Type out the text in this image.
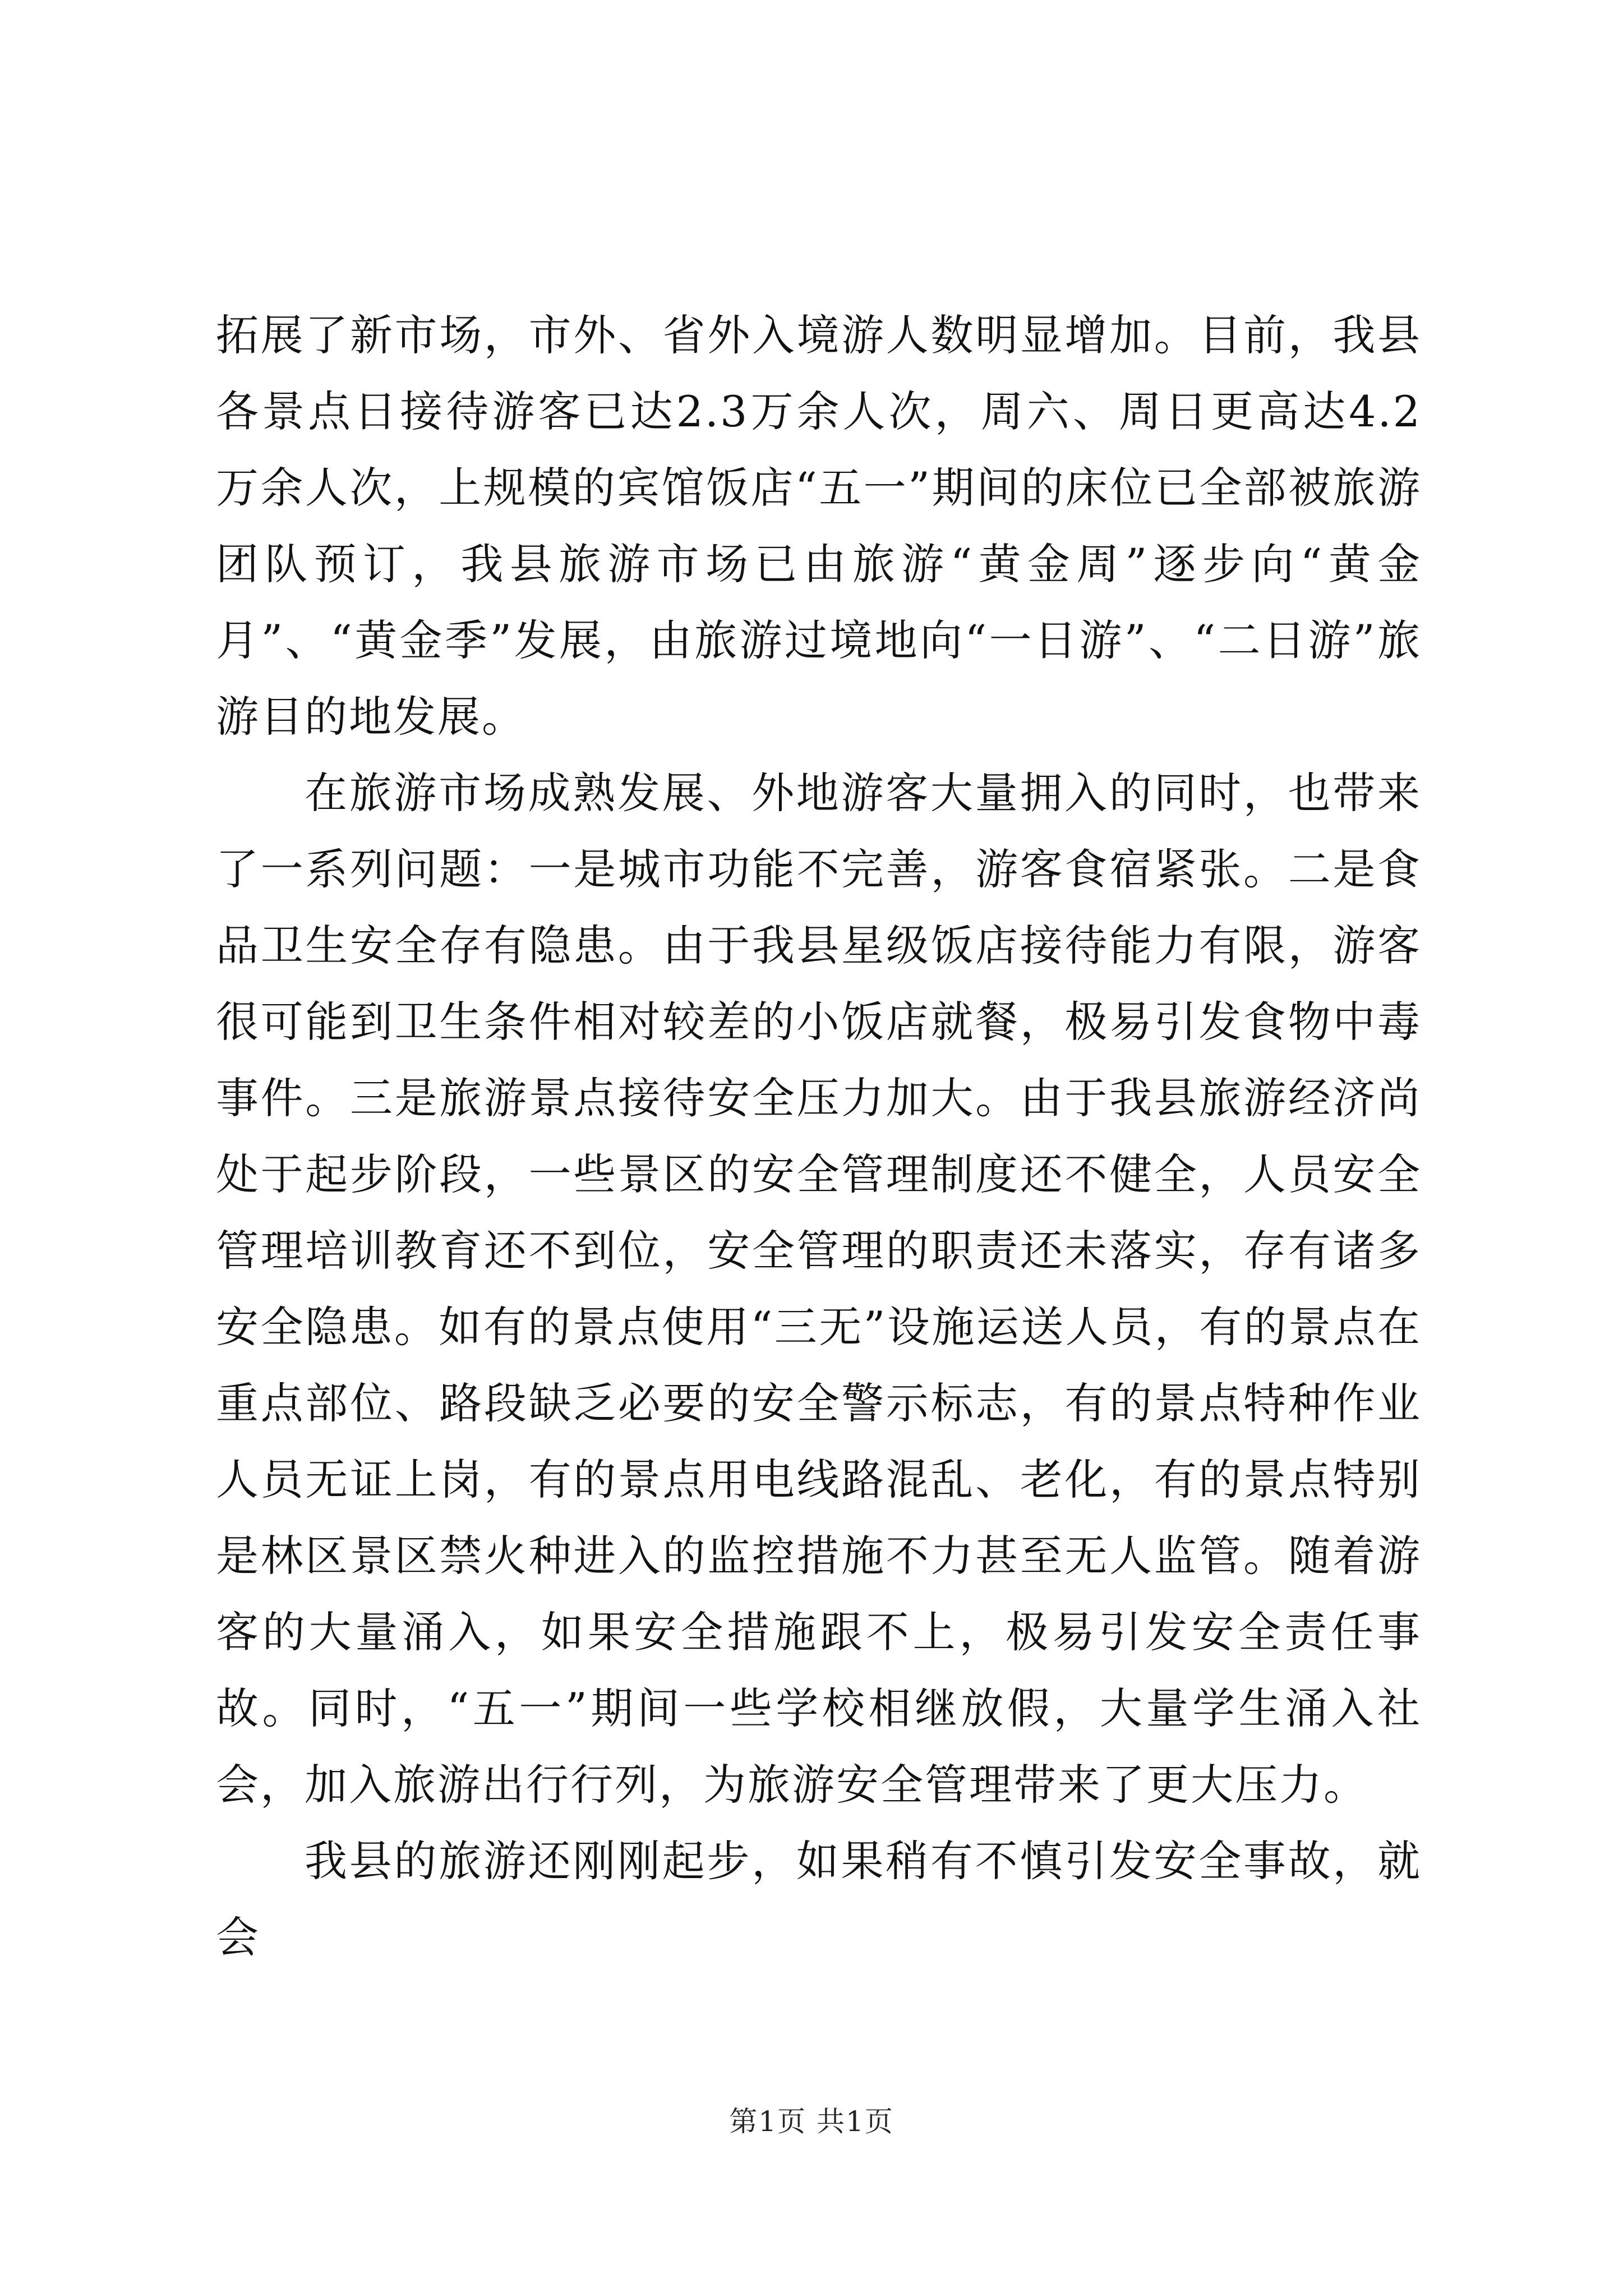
拓展了新市场，市外、省外入境游人数明显增加。目前，我县各景点日接待游客已达2.3万余人次，周六、周日更高达4.2万余人次，上规模的宾馆饭店“五一”期间的床位已全部被旅游团队预订，我县旅游市场已由旅游“黄金周”逐步向“黄金月”、“黄金季”发展，由旅游过境地向“一日游”、“二日游”旅游目的地发展。

在旅游市场成熟发展、外地游客大量拥入的同时，也带来了一系列问题：一是城市功能不完善，游客食宿紧张。二是食品卫生安全存有隐患。由于我县星级饭店接待能力有限，游客很可能到卫生条件相对较差的小饭店就餐，极易引发食物中毒事件。三是旅游景点接待安全压力加大。由于我县旅游经济尚处于起步阶段，一些景区的安全管理制度还不健全，人员安全管理培训教育还不到位，安全管理的职责还未落实，存有诸多安全隐患。如有的景点使用“三无”设施运送人员，有的景点在重点部位、路段缺乏必要的安全警示标志，有的景点特种作业人员无证上岗，有的景点用电线路混乱、老化，有的景点特别是林区景区禁火种进入的监控措施不力甚至无人监管。随着游客的大量涌入，如果安全措施跟不上，极易引发安全责任事故。同时，“五一”期间一些学校相继放假，大量学生涌入社会，加入旅游出行行列，为旅游安全管理带来了更大压力。

我县的旅游还刚刚起步，如果稍有不慎引发安全事故，就会

第1页 共1页
